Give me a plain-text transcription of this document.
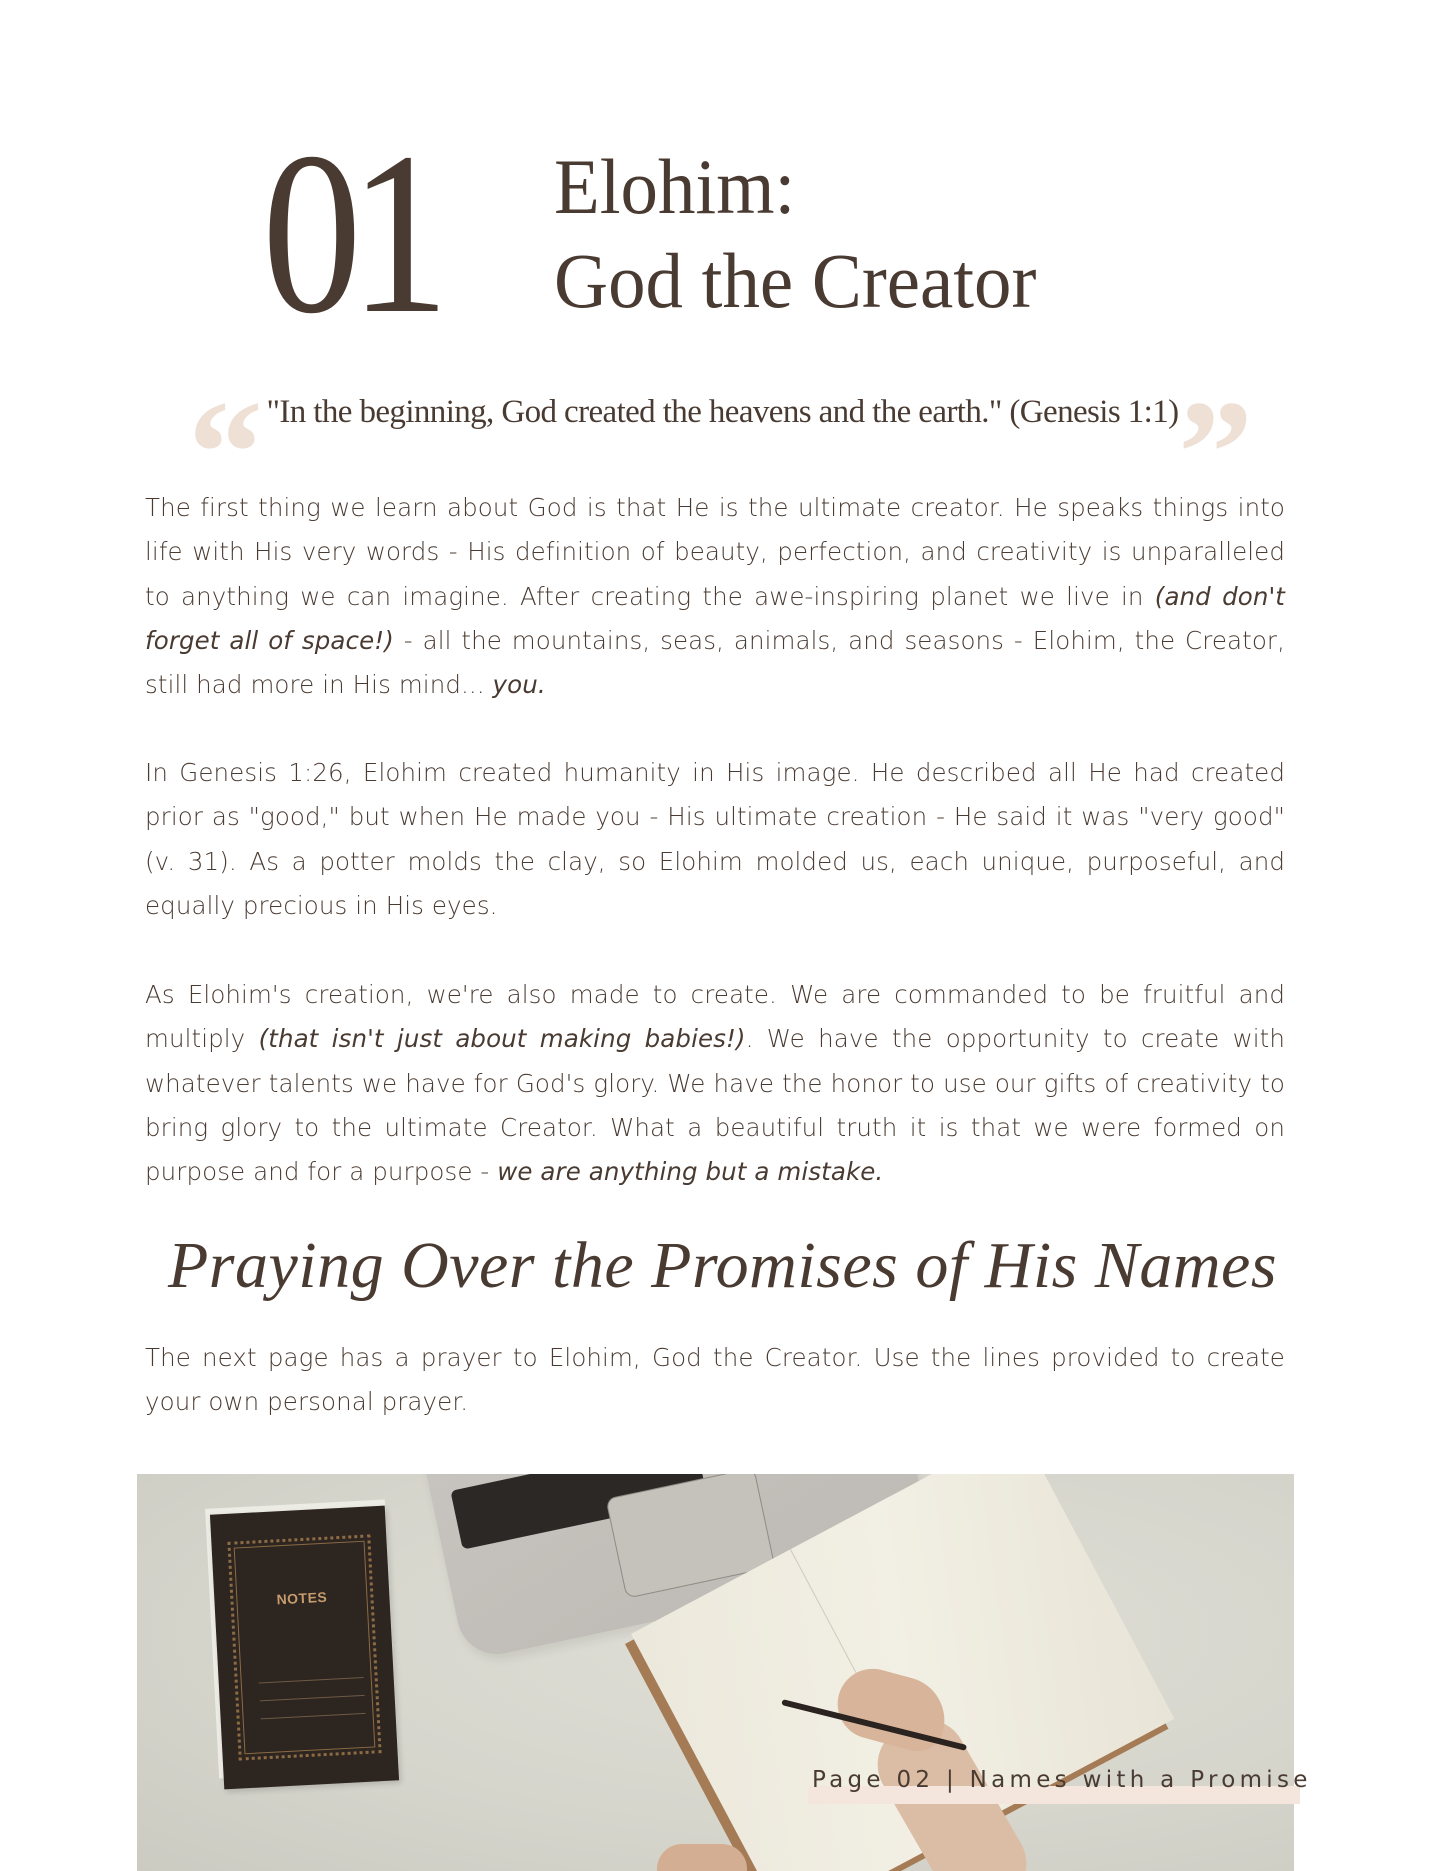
01 Elohim:
God the Creator
“	”
"In the beginning, God created the heavens and the earth." (Genesis 1:1)

The first thing we learn about God is that He is the ultimate creator. He speaks things into life with His very words - His definition of beauty, perfection, and creativity is unparalleled to anything we can imagine. After creating the awe-inspiring planet we live in (and don't forget all of space!) - all the mountains, seas, animals, and seasons - Elohim, the Creator, still had more in His mind... you.

In Genesis 1:26, Elohim created humanity in His image. He described all He had created prior as "good," but when He made you - His ultimate creation - He said it was "very good" (v. 31). As a potter molds the clay, so Elohim molded us, each unique, purposeful, and equally precious in His eyes.

As Elohim's creation, we're also made to create. We are commanded to be fruitful and multiply (that isn't just about making babies!). We have the opportunity to create with whatever talents we have for God's glory. We have the honor to use our gifts of creativity to bring glory to the ultimate Creator. What a beautiful truth it is that we were formed on purpose and for a purpose - we are anything but a mistake.

Praying Over the Promises of His Names

The next page has a prayer to Elohim, God the Creator. Use the lines provided to create your own personal prayer.

NOTES
Page 02 | Names with a Promise
